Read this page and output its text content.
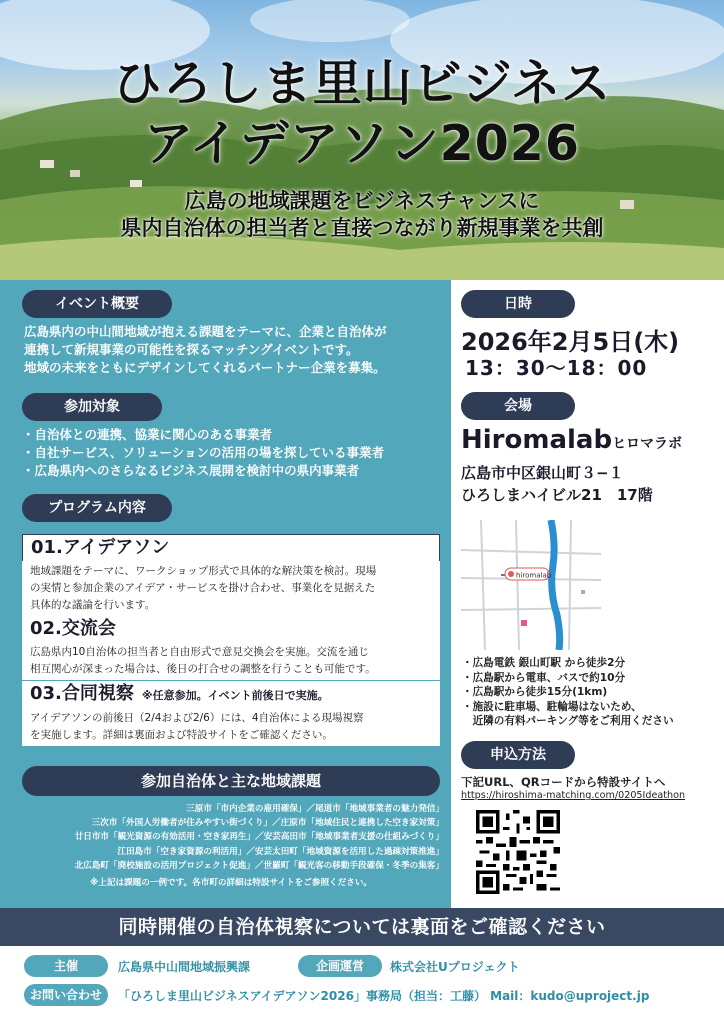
ひろしま里山ビジネス
アイデアソン2026
広島の地域課題をビジネスチャンスに
県内自治体の担当者と直接つながり新規事業を共創
イベント概要
広島県内の中山間地域が抱える課題をテーマに、企業と自治体が
連携して新規事業の可能性を探るマッチングイベントです。
地域の未来をともにデザインしてくれるパートナー企業を募集。
参加対象
・自治体との連携、協業に関心のある事業者
・自社サービス、ソリューションの活用の場を探している事業者
・広島県内へのさらなるビジネス展開を検討中の県内事業者
プログラム内容
01.アイデアソン
地域課題をテーマに、ワークショップ形式で具体的な解決策を検討。現場
の実情と参加企業のアイデア・サービスを掛け合わせ、事業化を見据えた
具体的な議論を行います。
02.交流会
広島県内10自治体の担当者と自由形式で意見交換会を実施。交流を通じ
相互関心が深まった場合は、後日の打合せの調整を行うことも可能です。
03.合同視察 ※任意参加。イベント前後日で実施。
アイデアソンの前後日（2/4および2/6）には、4自治体による現場視察
を実施します。詳細は裏面および特設サイトをご確認ください。
参加自治体と主な地域課題
三原市「市内企業の雇用確保」／尾道市「地域事業者の魅力発信」
三次市「外国人労働者が住みやすい街づくり」／庄原市「地域住民と連携した空き家対策」
廿日市市「観光資源の有効活用・空き家再生」／安芸高田市「地域事業者支援の仕組みづくり」
江田島市「空き家資源の利活用」／安芸太田町「地域資源を活用した過疎対策推進」
北広島町「廃校施設の活用プロジェクト促進」／世羅町「観光客の移動手段確保・冬季の集客」
※上記は課題の一例です。各市町の詳細は特設サイトをご参照ください。
日時
2026年2月5日(木)
13：30〜18：00
会場
Hiromalabヒロマラボ
広島市中区銀山町３−１
ひろしまハイビル21　17階
hiromalab
・広島電鉄 銀山町駅 から徒歩2分
・広島駅から電車、バスで約10分
・広島駅から徒歩15分(1km)
・施設に駐車場、駐輪場はないため、
　近隣の有料パーキング等をご利用ください
申込方法
下記URL、QRコードから特設サイトへ
https://hiroshima-matching.com/0205Ideathon
同時開催の自治体視察については裏面をご確認ください
主催	広島県中山間地域振興課	企画運営	株式会社Uプロジェクト
お問い合わせ	「ひろしま里山ビジネスアイデアソン2026」事務局（担当：工藤） Mail：kudo@uproject.jp
